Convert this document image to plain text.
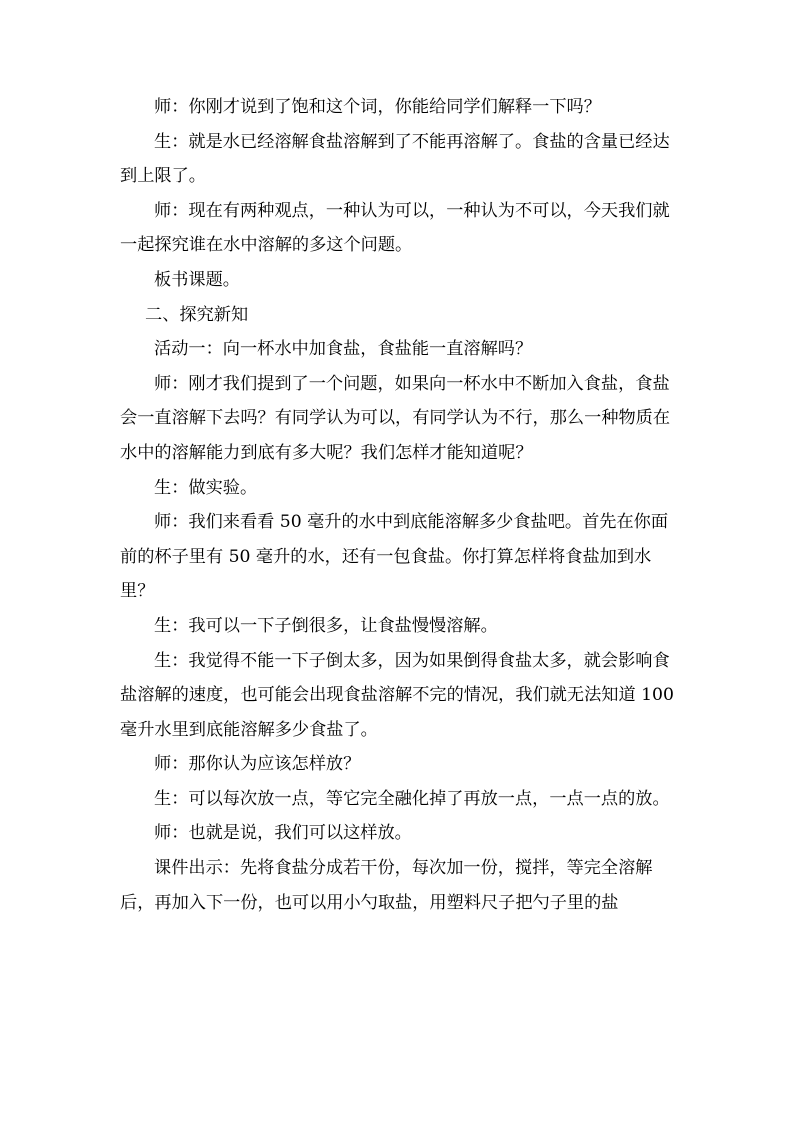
师：你刚才说到了饱和这个词，你能给同学们解释一下吗？

生：就是水已经溶解食盐溶解到了不能再溶解了。食盐的含量已经达到上限了。

师：现在有两种观点，一种认为可以，一种认为不可以，今天我们就一起探究谁在水中溶解的多这个问题。

板书课题。

二、探究新知

活动一：向一杯水中加食盐，食盐能一直溶解吗？

师：刚才我们提到了一个问题，如果向一杯水中不断加入食盐，食盐会一直溶解下去吗？有同学认为可以，有同学认为不行，那么一种物质在水中的溶解能力到底有多大呢？我们怎样才能知道呢？

生：做实验。

师：我们来看看 50 毫升的水中到底能溶解多少食盐吧。首先在你面前的杯子里有 50 毫升的水，还有一包食盐。你打算怎样将食盐加到水里？

生：我可以一下子倒很多，让食盐慢慢溶解。

生：我觉得不能一下子倒太多，因为如果倒得食盐太多，就会影响食盐溶解的速度，也可能会出现食盐溶解不完的情况，我们就无法知道 100 毫升水里到底能溶解多少食盐了。

师：那你认为应该怎样放？

生：可以每次放一点，等它完全融化掉了再放一点，一点一点的放。

师：也就是说，我们可以这样放。

课件出示：先将食盐分成若干份，每次加一份，搅拌，等完全溶解后，再加入下一份，也可以用小勺取盐，用塑料尺子把勺子里的盐
